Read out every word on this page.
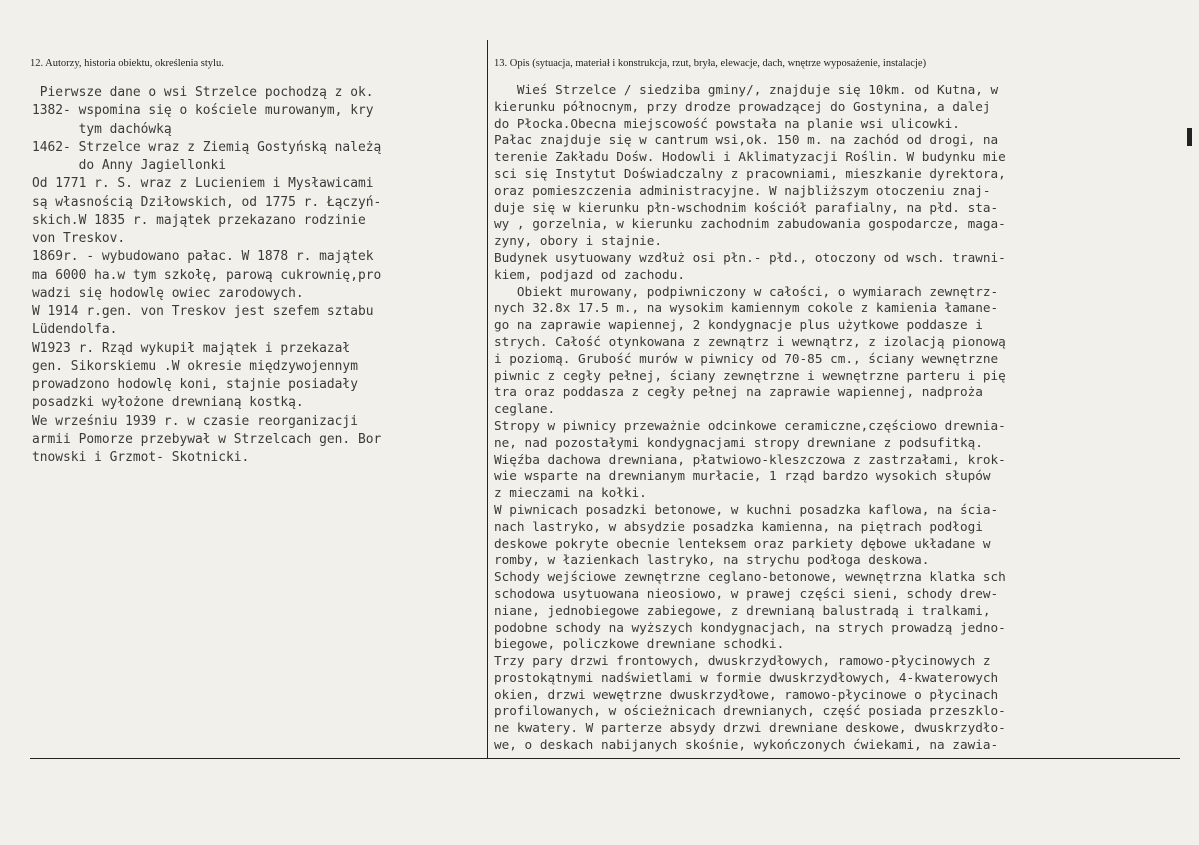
12. Autorzy, historia obiektu, określenia stylu.	13. Opis (sytuacja, materiał i konstrukcja, rzut, bryła, elewacje, dach, wnętrze wyposażenie, instalacje)
Pierwsze dane o wsi Strzelce pochodzą z ok.
1382- wspomina się o kościele murowanym, kry
tym dachówką
1462- Strzelce wraz z Ziemią Gostyńską należą
do Anny Jagiellonki
Od 1771 r. S. wraz z Lucieniem i Mysławicami
są własnością Dziłowskich, od 1775 r. Łączyń-
skich.W 1835 r. majątek przekazano rodzinie
von Treskov.
1869r. - wybudowano pałac. W 1878 r. majątek
ma 6000 ha.w tym szkołę, parową cukrownię,pro
wadzi się hodowlę owiec zarodowych.
W 1914 r.gen. von Treskov jest szefem sztabu
Lüdendolfa.
W1923 r. Rząd wykupił majątek i przekazał
gen. Sikorskiemu .W okresie międzywojennym
prowadzono hodowlę koni, stajnie posiadały
posadzki wyłożone drewnianą kostką.
We wrześniu 1939 r. w czasie reorganizacji
armii Pomorze przebywał w Strzelcach gen. Bor
tnowski i Grzmot- Skotnicki.
Wieś Strzelce / siedziba gminy/, znajduje się 10km. od Kutna, w
kierunku północnym, przy drodze prowadzącej do Gostynina, a dalej
do Płocka.Obecna miejscowość powstała na planie wsi ulicowki.
Pałac znajduje się w cantrum wsi,ok. 150 m. na zachód od drogi, na
terenie Zakładu Dośw. Hodowli i Aklimatyzacji Roślin. W budynku mie
sci się Instytut Doświadczalny z pracowniami, mieszkanie dyrektora,
oraz pomieszczenia administracyjne. W najbliższym otoczeniu znaj-
duje się w kierunku płn-wschodnim kościół parafialny, na płd. sta-
wy , gorzelnia, w kierunku zachodnim zabudowania gospodarcze, maga-
zyny, obory i stajnie.
Budynek usytuowany wzdłuż osi płn.- płd., otoczony od wsch. trawni-
kiem, podjazd od zachodu.
Obiekt murowany, podpiwniczony w całości, o wymiarach zewnętrz-
nych 32.8x 17.5 m., na wysokim kamiennym cokole z kamienia łamane-
go na zaprawie wapiennej, 2 kondygnacje plus użytkowe poddasze i
strych. Całość otynkowana z zewnątrz i wewnątrz, z izolacją pionową
i poziomą. Grubość murów w piwnicy od 70-85 cm., ściany wewnętrzne
piwnic z cegły pełnej, ściany zewnętrzne i wewnętrzne parteru i pię
tra oraz poddasza z cegły pełnej na zaprawie wapiennej, nadproża
ceglane.
Stropy w piwnicy przeważnie odcinkowe ceramiczne,częściowo drewnia-
ne, nad pozostałymi kondygnacjami stropy drewniane z podsufitką.
Więźba dachowa drewniana, płatwiowo-kleszczowa z zastrzałami, krok-
wie wsparte na drewnianym murłacie, 1 rząd bardzo wysokich słupów
z mieczami na kołki.
W piwnicach posadzki betonowe, w kuchni posadzka kaflowa, na ścia-
nach lastryko, w absydzie posadzka kamienna, na piętrach podłogi
deskowe pokryte obecnie lenteksem oraz parkiety dębowe układane w
romby, w łazienkach lastryko, na strychu podłoga deskowa.
Schody wejściowe zewnętrzne ceglano-betonowe, wewnętrzna klatka sch
schodowa usytuowana nieosiowo, w prawej części sieni, schody drew-
niane, jednobiegowe zabiegowe, z drewnianą balustradą i tralkami,
podobne schody na wyższych kondygnacjach, na strych prowadzą jedno-
biegowe, policzkowe drewniane schodki.
Trzy pary drzwi frontowych, dwuskrzydłowych, ramowo-płycinowych z
prostokątnymi nadświetlami w formie dwuskrzydłowych, 4-kwaterowych
okien, drzwi wewętrzne dwuskrzydłowe, ramowo-płycinowe o płycinach
profilowanych, w ościeżnicach drewnianych, część posiada przeszklo-
ne kwatery. W parterze absydy drzwi drewniane deskowe, dwuskrzydło-
we, o deskach nabijanych skośnie, wykończonych ćwiekami, na zawia-
